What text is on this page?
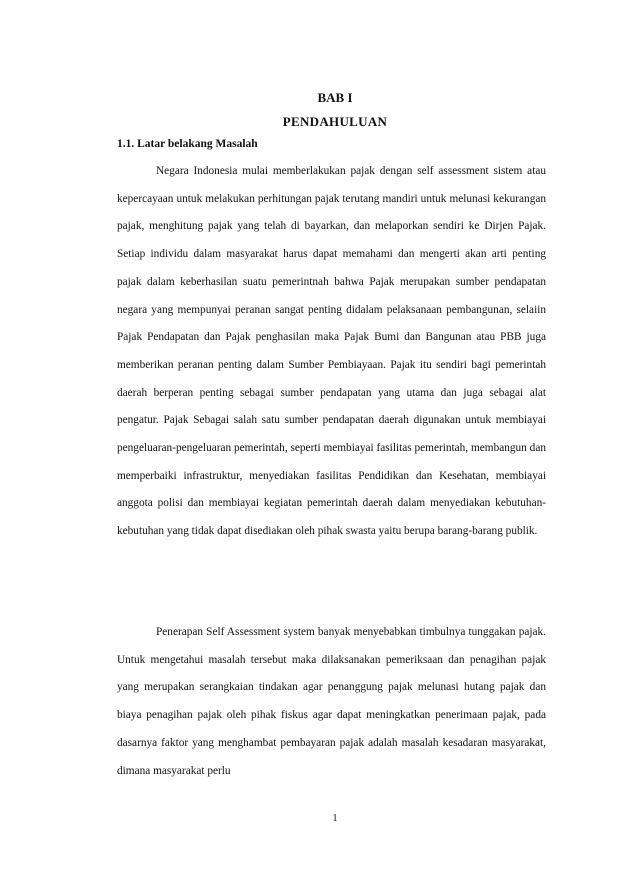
BAB I
PENDAHULUAN
1.1. Latar belakang Masalah

Negara Indonesia mulai memberlakukan pajak dengan self assessment sistem atau kepercayaan untuk melakukan perhitungan pajak terutang mandiri untuk melunasi kekurangan pajak, menghitung pajak yang telah di bayarkan, dan melaporkan sendiri ke Dirjen Pajak. Setiap individu dalam masyarakat harus dapat memahami dan mengerti akan arti penting pajak dalam keberhasilan suatu pemerintnah bahwa Pajak merupakan sumber pendapatan negara yang mempunyai peranan sangat penting didalam pelaksanaan pembangunan, selaiin Pajak Pendapatan dan Pajak penghasilan maka Pajak Bumi dan Bangunan atau PBB juga memberikan peranan penting dalam Sumber Pembiayaan. Pajak itu sendiri bagi pemerintah daerah berperan penting sebagai sumber pendapatan yang utama dan juga sebagai alat pengatur. Pajak Sebagai salah satu sumber pendapatan daerah digunakan untuk membiayai pengeluaran-pengeluaran pemerintah, seperti membiayai fasilitas pemerintah, membangun dan memperbaiki infrastruktur, menyediakan fasilitas Pendidikan dan Kesehatan, membiayai anggota polisi dan membiayai kegiatan pemerintah daerah dalam menyediakan kebutuhan-kebutuhan yang tidak dapat disediakan oleh pihak swasta yaitu berupa barang-barang publik.

Penerapan Self Assessment system banyak menyebabkan timbulnya tunggakan pajak. Untuk mengetahui masalah tersebut maka dilaksanakan pemeriksaan dan penagihan pajak yang merupakan serangkaian tindakan agar penanggung pajak melunasi hutang pajak dan biaya penagihan pajak oleh pihak fiskus agar dapat meningkatkan penerimaan pajak, pada dasarnya faktor yang menghambat pembayaran pajak adalah masalah kesadaran masyarakat, dimana masyarakat perlu

1
